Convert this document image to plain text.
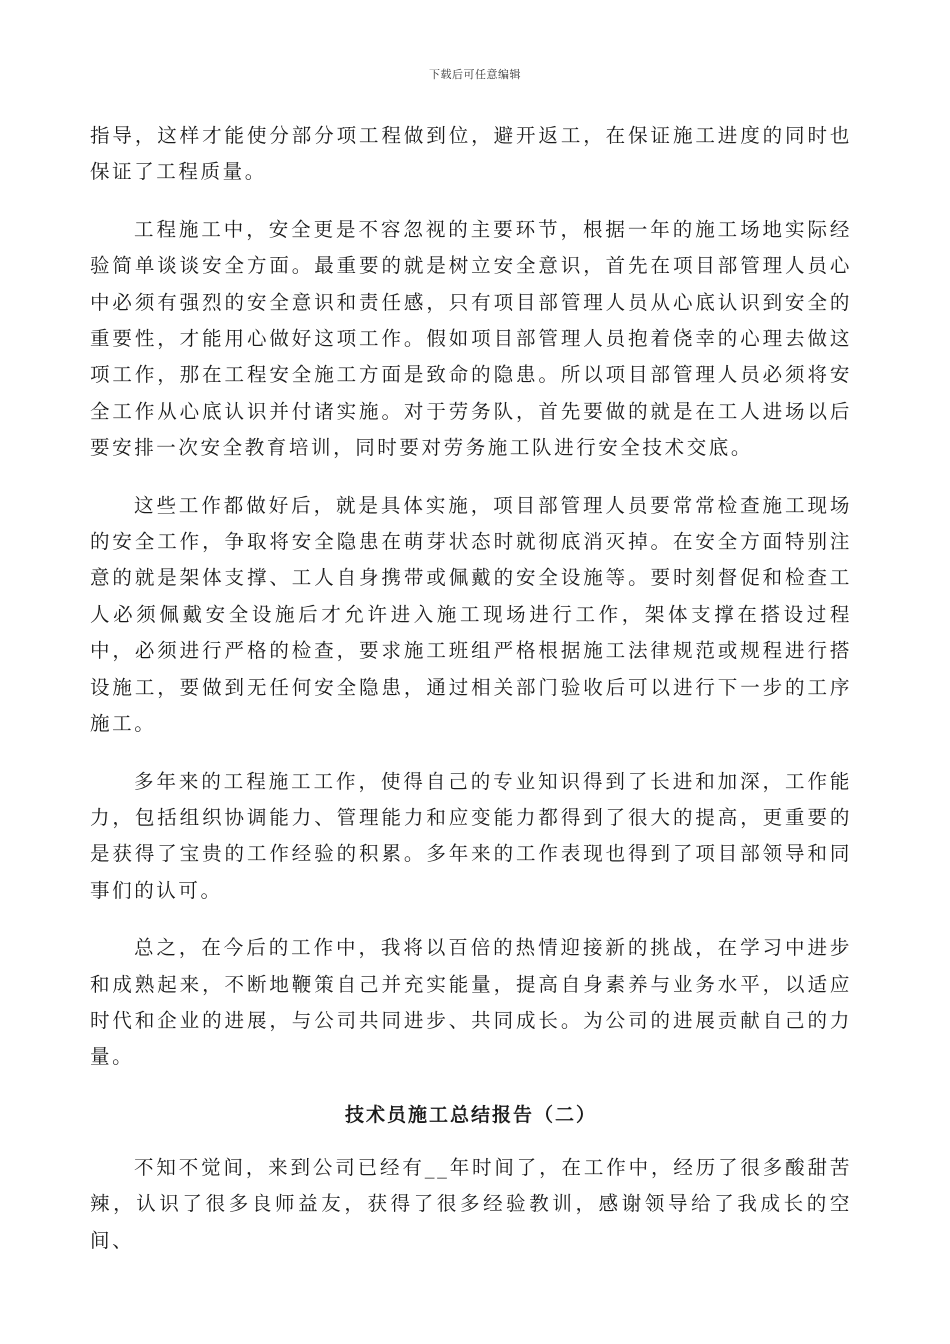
下载后可任意编辑

指导，这样才能使分部分项工程做到位，避开返工，在保证施工进度的同时也保证了工程质量。

工程施工中，安全更是不容忽视的主要环节，根据一年的施工场地实际经验简单谈谈安全方面。最重要的就是树立安全意识，首先在项目部管理人员心中必须有强烈的安全意识和责任感，只有项目部管理人员从心底认识到安全的重要性，才能用心做好这项工作。假如项目部管理人员抱着侥幸的心理去做这项工作，那在工程安全施工方面是致命的隐患。所以项目部管理人员必须将安全工作从心底认识并付诸实施。对于劳务队，首先要做的就是在工人进场以后要安排一次安全教育培训，同时要对劳务施工队进行安全技术交底。

这些工作都做好后，就是具体实施，项目部管理人员要常常检查施工现场的安全工作，争取将安全隐患在萌芽状态时就彻底消灭掉。在安全方面特别注意的就是架体支撑、工人自身携带或佩戴的安全设施等。要时刻督促和检查工人必须佩戴安全设施后才允许进入施工现场进行工作，架体支撑在搭设过程中，必须进行严格的检查，要求施工班组严格根据施工法律规范或规程进行搭设施工，要做到无任何安全隐患，通过相关部门验收后可以进行下一步的工序施工。

多年来的工程施工工作，使得自己的专业知识得到了长进和加深，工作能力，包括组织协调能力、管理能力和应变能力都得到了很大的提高，更重要的是获得了宝贵的工作经验的积累。多年来的工作表现也得到了项目部领导和同事们的认可。

总之，在今后的工作中，我将以百倍的热情迎接新的挑战，在学习中进步和成熟起来，不断地鞭策自己并充实能量，提高自身素养与业务水平，以适应时代和企业的进展，与公司共同进步、共同成长。为公司的进展贡献自己的力量。

技术员施工总结报告（二）

不知不觉间，来到公司已经有__年时间了，在工作中，经历了很多酸甜苦辣，认识了很多良师益友，获得了很多经验教训，感谢领导给了我成长的空间、
